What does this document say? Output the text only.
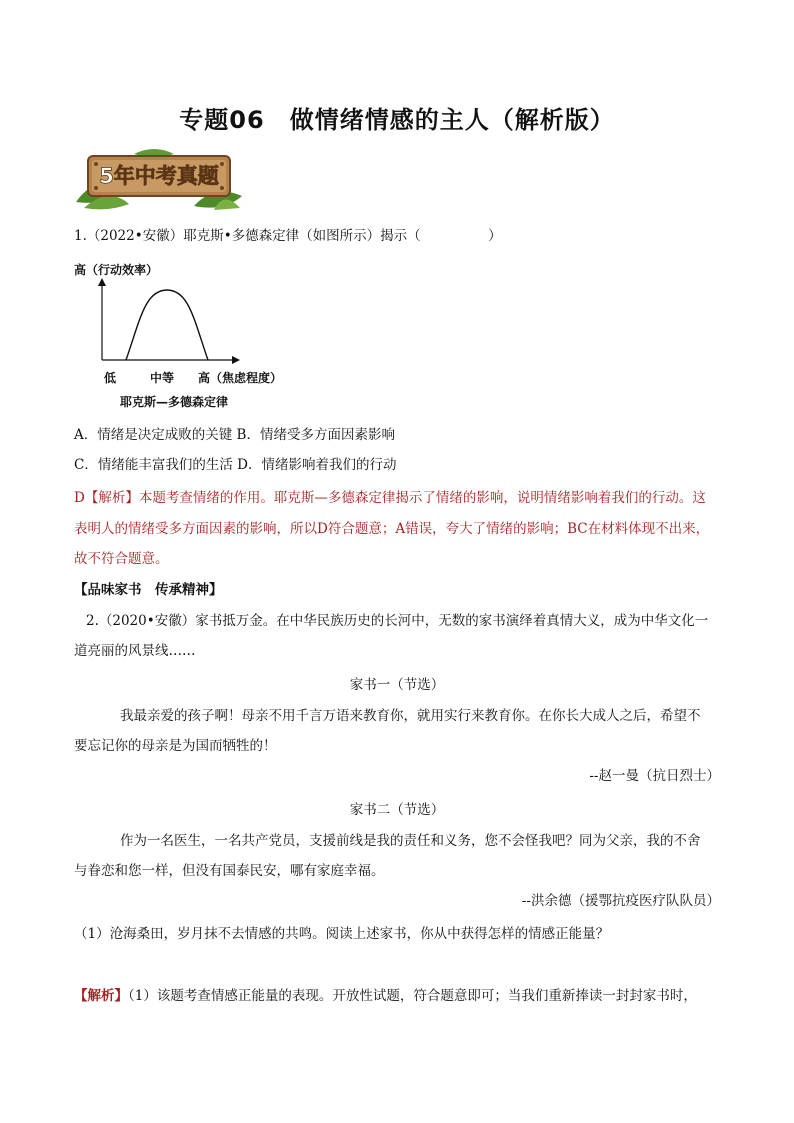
专题06　做情绪情感的主人（解析版）
5年中考真题
1.（2022•安徽）耶克斯•多德森定律（如图所示）揭示（　　　　　）
高（行动效率）
低	中等 高（焦虑程度）
耶克斯—多德森定律
A．情绪是决定成败的关键 B．情绪受多方面因素影响
C．情绪能丰富我们的生活 D．情绪影响着我们的行动
D【解析】本题考查情绪的作用。耶克斯—多德森定律揭示了情绪的影响，说明情绪影响着我们的行动。这
表明人的情绪受多方面因素的影响，所以D符合题意；A错误，夸大了情绪的影响；BC在材料体现不出来，
故不符合题意。
【品味家书　传承精神】
2.（2020•安徽）家书抵万金。在中华民族历史的长河中，无数的家书演绎着真情大义，成为中华文化一
道亮丽的风景线……
家书一（节选）
我最亲爱的孩子啊！母亲不用千言万语来教育你，就用实行来教育你。在你长大成人之后，希望不
要忘记你的母亲是为国而牺牲的！
--赵一曼（抗日烈士）
家书二（节选）
作为一名医生，一名共产党员，支援前线是我的责任和义务，您不会怪我吧？同为父亲，我的不舍
与眷恋和您一样，但没有国泰民安，哪有家庭幸福。
--洪余德（援鄂抗疫医疗队队员）
（1）沧海桑田，岁月抹不去情感的共鸣。阅读上述家书，你从中获得怎样的情感正能量？
【解析】（1）该题考查情感正能量的表现。开放性试题，符合题意即可；当我们重新捧读一封封家书时，
